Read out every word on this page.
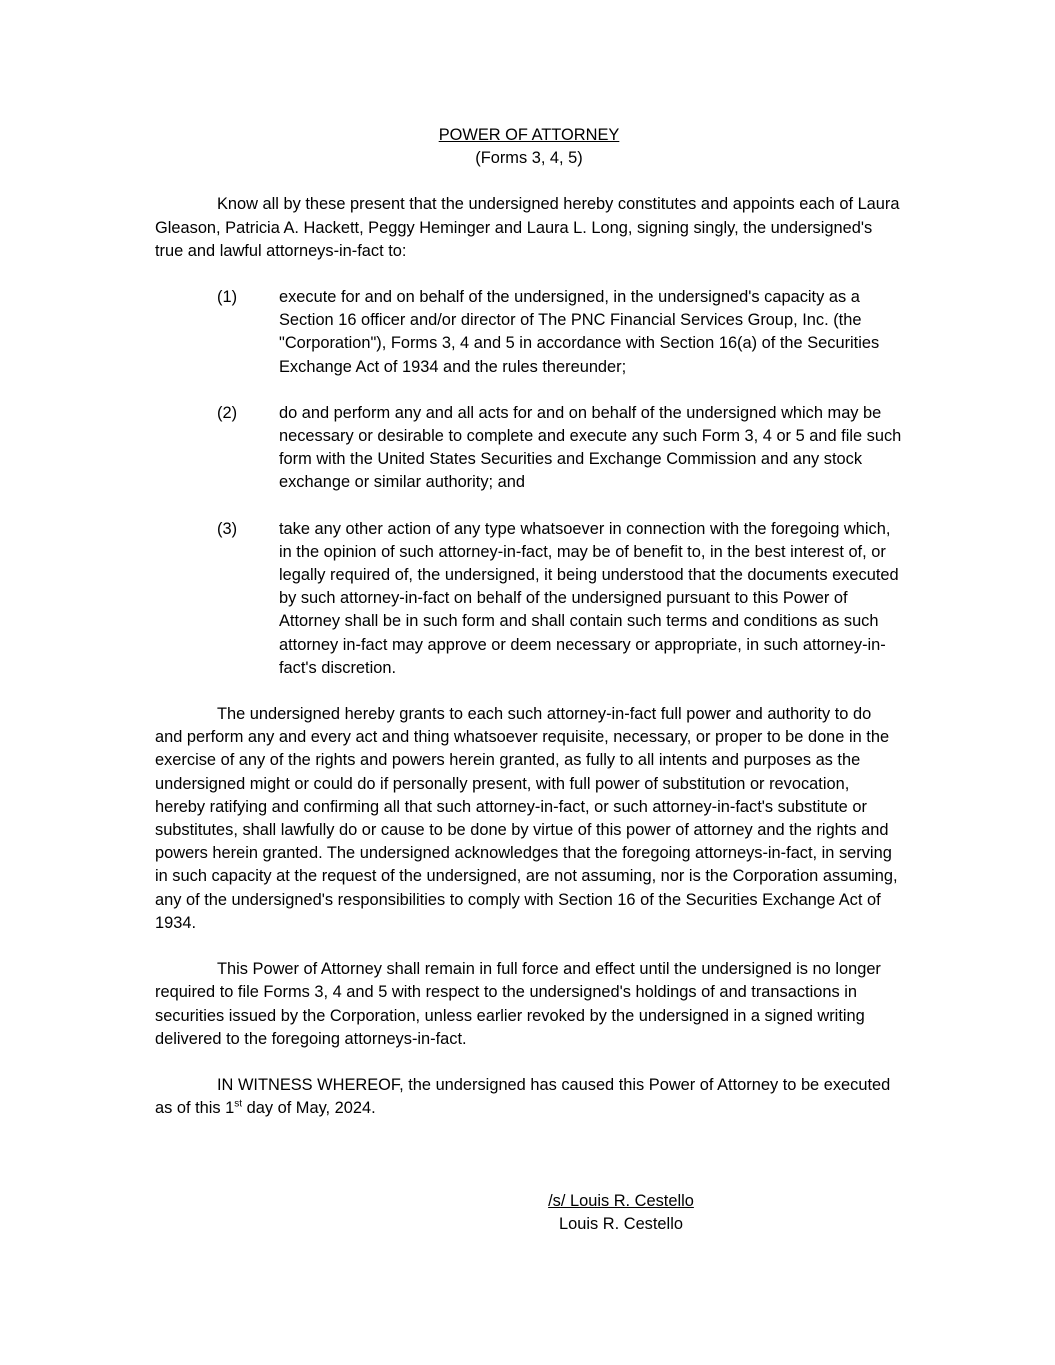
POWER OF ATTORNEY
(Forms 3, 4, 5)

Know all by these present that the undersigned hereby constitutes and appoints each of Laura Gleason, Patricia A. Hackett, Peggy Heminger and Laura L. Long, signing singly, the undersigned's true and lawful attorneys-in-fact to:

(1)	execute for and on behalf of the undersigned, in the undersigned's capacity as a Section 16 officer and/or director of The PNC Financial Services Group, Inc. (the "Corporation"), Forms 3, 4 and 5 in accordance with Section 16(a) of the Securities Exchange Act of 1934 and the rules thereunder;
(2)	do and perform any and all acts for and on behalf of the undersigned which may be necessary or desirable to complete and execute any such Form 3, 4 or 5 and file such form with the United States Securities and Exchange Commission and any stock exchange or similar authority; and
(3)	take any other action of any type whatsoever in connection with the foregoing which, in the opinion of such attorney-in-fact, may be of benefit to, in the best interest of, or legally required of, the undersigned, it being understood that the documents executed by such attorney-in-fact on behalf of the undersigned pursuant to this Power of Attorney shall be in such form and shall contain such terms and conditions as such attorney in-fact may approve or deem necessary or appropriate, in such attorney-in-fact's discretion.

The undersigned hereby grants to each such attorney-in-fact full power and authority to do and perform any and every act and thing whatsoever requisite, necessary, or proper to be done in the exercise of any of the rights and powers herein granted, as fully to all intents and purposes as the undersigned might or could do if personally present, with full power of substitution or revocation, hereby ratifying and confirming all that such attorney-in-fact, or such attorney-in-fact's substitute or substitutes, shall lawfully do or cause to be done by virtue of this power of attorney and the rights and powers herein granted. The undersigned acknowledges that the foregoing attorneys-in-fact, in serving in such capacity at the request of the undersigned, are not assuming, nor is the Corporation assuming, any of the undersigned's responsibilities to comply with Section 16 of the Securities Exchange Act of 1934.

This Power of Attorney shall remain in full force and effect until the undersigned is no longer required to file Forms 3, 4 and 5 with respect to the undersigned's holdings of and transactions in securities issued by the Corporation, unless earlier revoked by the undersigned in a signed writing delivered to the foregoing attorneys-in-fact.

IN WITNESS WHEREOF, the undersigned has caused this Power of Attorney to be executed as of this 1st day of May, 2024.

/s/ Louis R. Cestello
Louis R. Cestello
